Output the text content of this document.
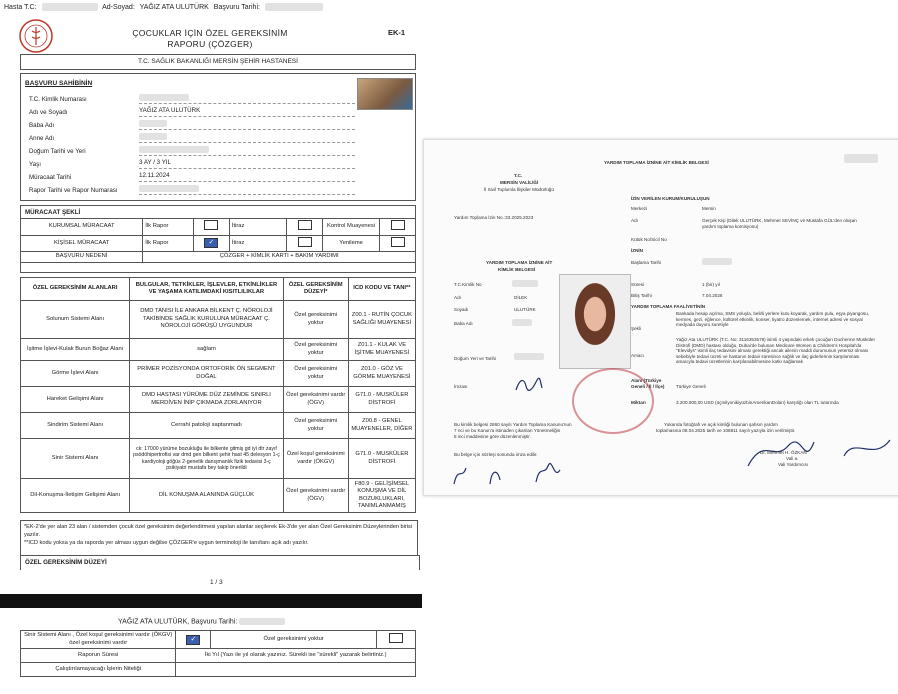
Hasta T.C:	Ad-Soyad: YAĞIZ ATA ULUTÜRK Başvuru Tarihi:
ÇOCUKLAR İÇİN ÖZEL GEREKSİNİM
RAPORU (ÇÖZGER)
EK-1
T.C. SAĞLIK BAKANLIĞI MERSİN ŞEHİR HASTANESİ
BAŞVURU SAHİBİNİN
T.C. Kimlik Numarası
Adı ve Soyadı	YAĞIZ ATA ULUTÜRK
Baba Adı
Anne Adı
Doğum Tarihi ve Yeri
Yaşı	3 AY / 3 YIL
Müracaat Tarihi	12.11.2024
Rapor Tarihi ve Rapor Numarası
MÜRACAAT ŞEKLİ
KURUMSAL MÜRACAAT	İlk Rapor		İtiraz		Kontrol Muayenesi	
KİŞİSEL MÜRACAAT	İlk Rapor	✓	İtiraz		Yenileme	
BAŞVURU NEDENİ	ÇÖZGER + KİMLİK KARTI + BAKIM YARDIMI					
ÖZEL GEREKSİNİM ALANLARI	BULGULAR, TETKİKLER, İŞLEVLER, ETKİNLİKLER VE YAŞAMA KATILIMDAKİ KISITLILIKLAR	ÖZEL GEREKSİNİM DÜZEYİ*	ICD KODU VE TANI**
Solunum Sistemi Alanı	DMD TANISI İLE ANKARA BİLKENT Ç. NÖROLOJİ TAKİBİNDE SAĞLIK KURULUNA MÜRACAAT Ç. NÖROLOJİ GÖRÜŞÜ UYGUNDUR	Özel gereksinimi yoktur	Z00.1 - RUTİN ÇOCUK SAĞLIĞI MUAYENESİ
İşitme İşlevi-Kulak Burun Boğaz Alanı	sağlam	Özel gereksinimi yoktur	Z01.1 - KULAK VE İŞİTME MUAYENESİ
Görme İşlevi Alanı	PRİMER POZİSYONDA ORTOFORİK ÖN SEGMENT DOĞAL	Özel gereksinimi yoktur	Z01.0 - GÖZ VE GÖRME MUAYENESİ
Hareket Gelişimi Alanı	DMD HASTASI YÜRÜME DÜZ ZEMİNDE SINIRLI MERDİVEN İNİP ÇIKMADA ZORLANIYOR	Özel gereksinimi vardır (ÖGV)	G71.0 - MUSKÜLER DİSTROFİ
Sindirim Sistemi Alanı	Cerrahi patoloji saptanmadı	Özel gereksinimi yoktur	Z00.8 - GENEL MUAYENELER, DİĞER
Sinir Sistemi Alanı	ck: 17000 yürüme bozukluğu ile bilkente gitmiş gd iyi dtr zayıf psödöhipertrofisi var dmd gen bilkent şehir hast 45 delesyon 1-ç kardiyoloji göğüs 2-genetik danışmanlık fizik tedavisi 3-ç psikiyatri mustafa bey takip önerildi	Özel koşul gereksinimi vardır (ÖKGV)	G71.0 - MUSKÜLER DİSTROFİ
Dil-Konuşma-İletişim Gelişimi Alanı	DİL KONUŞMA ALANINDA GÜÇLÜK	Özel gereksinimi vardır (ÖGV)	F80.9 - GELİŞİMSEL KONUŞMA VE DİL BOZUKLUKLARI, TANIMLANMAMIŞ
*EK-2'de yer alan 23 alan / sistemden çocuk özel gereksinim değerlendirmesi yapılan alanlar seçilerek Ek-3'de yer alan Özel Gereksinim Düzeylerinden birisi yazılır.
**ICD kodu yoksa ya da raporda yer alması uygun değilse ÇÖZGER'e uygun terminoloji ile tanı/tanı açık adı yazılır.
ÖZEL GEREKSİNİM DÜZEYİ
1 / 3
YAĞIZ ATA ULUTÜRK, Başvuru Tarihi:
Sinir Sistemi Alanı , Özel koşul gereksinimi vardır (ÖKGV) özel gereksinimi vardır	✓	Özel gereksinimi yoktur	
Raporun Süresi	İki Yıl (Yazı ile yıl olarak yazınız. Sürekli ise "sürekli" yazarak belirtiniz.)		
Çalıştırılamayacağı İşlerin Niteliği			
YARDIM TOPLAMA İZNİNE AİT KİMLİK BELGESİ
T.C.
MERSİN VALİLİĞİ
İl Sivil Toplumla İlişkiler Müdürlüğü
Yardım Toplama İzin No.:33.2025.2023
YARDIM TOPLAMA İZNİNE AİT
KİMLİK BELGESİ
T.C.Kimlik No
Adı	DİLEK
Soyadı	ULUTÜRK
Baba Adı
Doğum Yeri ve Tarihi
İmzası
Bu kimlik belgesi 2860 sayılı Yardım Toplama Kanunu'nun
7 nci ve bu Kanun'a istinaden çıkarılan Yönetmeliğin
8 inci maddesine göre düzenlenmiştir.
Bu belge için sözleşi sonunda imza edilir.
İZİN VERİLEN KURUM/KURULUŞUN
Merkezi	Mersin
Adı	Gerçek Kişi (Dilek ULUTÜRK, Mehmet SEVİNÇ ve Mustafa GÜL'den oluşan yardım toplama komisyonu)
Kütük No/Sicil No
İZNİN
Başlama Tarihi
Süresi	1 (bir) yıl
Bitiş Tarihi	7.04.2026
YARDIM TOPLAMA FAALİYETİNİN
Şekli
Bankada hesap açılma, SMS yoluyla, belirli yerlere kutu koyarak, yardım pulu, eşya piyangosu, kermes, gezi, eğlence, kültürel etkinlik, konser, tiyatro düzenlemek, internet adresi ve sosyal medyada duyuru suretiyle
Amacı
Yağız Ata ULUTÜRK (T.C. No: 3116353578) isimli 4 yaşındaki erkek çocuğun Duchenne Musküler Distrofi (DMD) hastası olduğu, Dubai'de bulunan Medicare Women & Children's Hospital'da "Elevidys" isimli ilaç tedavisini alması gerektiği ancak ailenin maddi durumunun yetersiz olması sebebiyle tedavi ücreti ve hastanın tedavi süresince sağlık ve ilaç giderlerinin karşılanması amacıyla tedavi ücretlerinin karşılanabilmesine katkı sağlamak
Alanı (Türkiye Geneli / İl / İlçe)	Türkiye Geneli
Miktarı	3.200.000,00 USD (üçmilyonikiyüzbinAmerikanDoları) karşılığı olan TL tutarında
Yukarıda fotoğrafı ve açık kimliği bulunan şahsın yardım
toplamasına 08.04.2025 tarih ve 108811 sayılı yazıyla izin verilmiştir.
Dr. Mehmet H. ÖZKAN
Vali a.
Vali Yardımcısı
